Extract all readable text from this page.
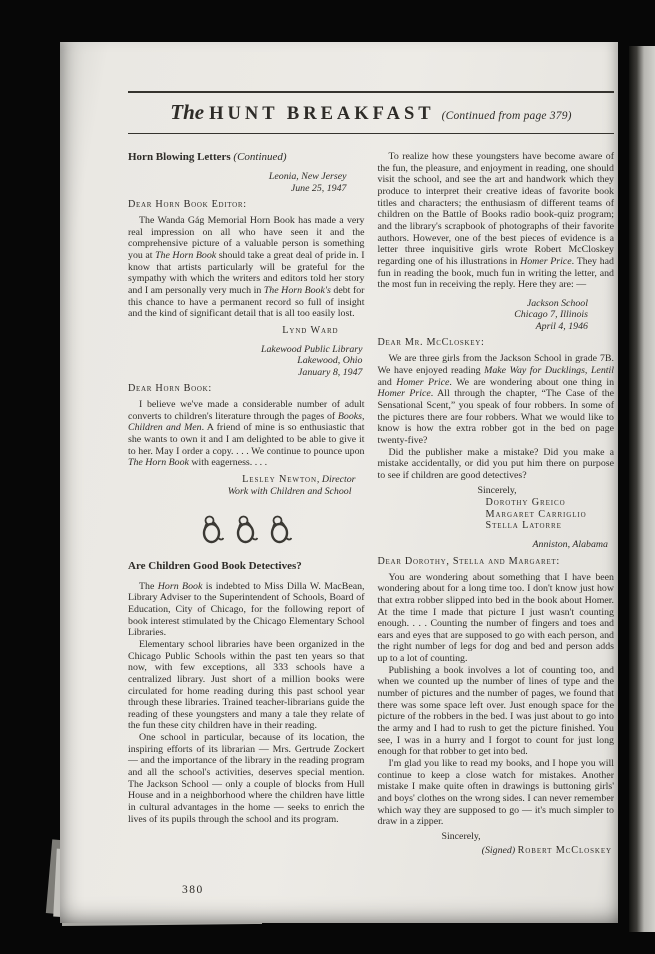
The HUNT BREAKFAST (Continued from page 379)
Horn Blowing Letters (Continued)
Leonia, New Jersey
June 25, 1947
Dear Horn Book Editor:

The Wanda Gág Memorial Horn Book has made a very real impression on all who have seen it and the comprehensive picture of a valuable person is something you at The Horn Book should take a great deal of pride in. I know that artists particularly will be grateful for the sympathy with which the writers and editors told her story and I am personally very much in The Horn Book's debt for this chance to have a permanent record so full of insight and the kind of significant detail that is all too easily lost.

Lynd Ward
Lakewood Public Library
Lakewood, Ohio
January 8, 1947
Dear Horn Book:

I believe we've made a considerable number of adult converts to children's literature through the pages of Books, Children and Men. A friend of mine is so enthusiastic that she wants to own it and I am delighted to be able to give it to her. May I order a copy. . . . We continue to pounce upon The Horn Book with eagerness. . . .

Lesley Newton, Director
Work with Children and School
Are Children Good Book Detectives?

The Horn Book is indebted to Miss Dilla W. MacBean, Library Adviser to the Superintendent of Schools, Board of Education, City of Chicago, for the following report of book interest stimulated by the Chicago Elementary School Libraries.

Elementary school libraries have been organized in the Chicago Public Schools within the past ten years so that now, with few exceptions, all 333 schools have a centralized library. Just short of a million books were circulated for home reading during this past school year through these libraries. Trained teacher-librarians guide the reading of these youngsters and many a tale they relate of the fun these city children have in their reading.

One school in particular, because of its location, the inspiring efforts of its librarian — Mrs. Gertrude Zockert — and the importance of the library in the reading program and all the school's activities, deserves special mention. The Jackson School — only a couple of blocks from Hull House and in a neighborhood where the children have little in cultural advantages in the home — seeks to enrich the lives of its pupils through the school and its program.

To realize how these youngsters have become aware of the fun, the pleasure, and enjoyment in reading, one should visit the school, and see the art and handwork which they produce to interpret their creative ideas of favorite book titles and characters; the enthusiasm of different teams of children on the Battle of Books radio book-quiz program; and the library's scrapbook of photographs of their favorite authors. However, one of the best pieces of evidence is a letter three inquisitive girls wrote Robert McCloskey regarding one of his illustrations in Homer Price. They had fun in reading the book, much fun in writing the letter, and the most fun in receiving the reply. Here they are: —

Jackson School
Chicago 7, Illinois
April 4, 1946
Dear Mr. McCloskey:

We are three girls from the Jackson School in grade 7B. We have enjoyed reading Make Way for Ducklings, Lentil and Homer Price. We are wondering about one thing in Homer Price. All through the chapter, “The Case of the Sensational Scent,” you speak of four robbers. In some of the pictures there are four robbers. What we would like to know is how the extra robber got in the bed on page twenty-five?

Did the publisher make a mistake? Did you make a mistake accidentally, or did you put him there on purpose to see if children are good detectives?

Sincerely,
Dorothy Greico
Margaret Carriglio
Stella Latorre
Anniston, Alabama
Dear Dorothy, Stella and Margaret:

You are wondering about something that I have been wondering about for a long time too. I don't know just how that extra robber slipped into bed in the book about Homer. At the time I made that picture I just wasn't counting enough. . . . Counting the number of fingers and toes and ears and eyes that are supposed to go with each person, and the right number of legs for dog and bed and person adds up to a lot of counting.

Publishing a book involves a lot of counting too, and when we counted up the number of lines of type and the number of pictures and the number of pages, we found that there was some space left over. Just enough space for the picture of the robbers in the bed. I was just about to go into the army and I had to rush to get the picture finished. You see, I was in a hurry and I forgot to count for just long enough for that robber to get into bed.

I'm glad you like to read my books, and I hope you will continue to keep a close watch for mistakes. Another mistake I make quite often in drawings is buttoning girls' and boys' clothes on the wrong sides. I can never remember which way they are supposed to go — it's much simpler to draw in a zipper.

Sincerely,
(Signed) Robert McCloskey
380
